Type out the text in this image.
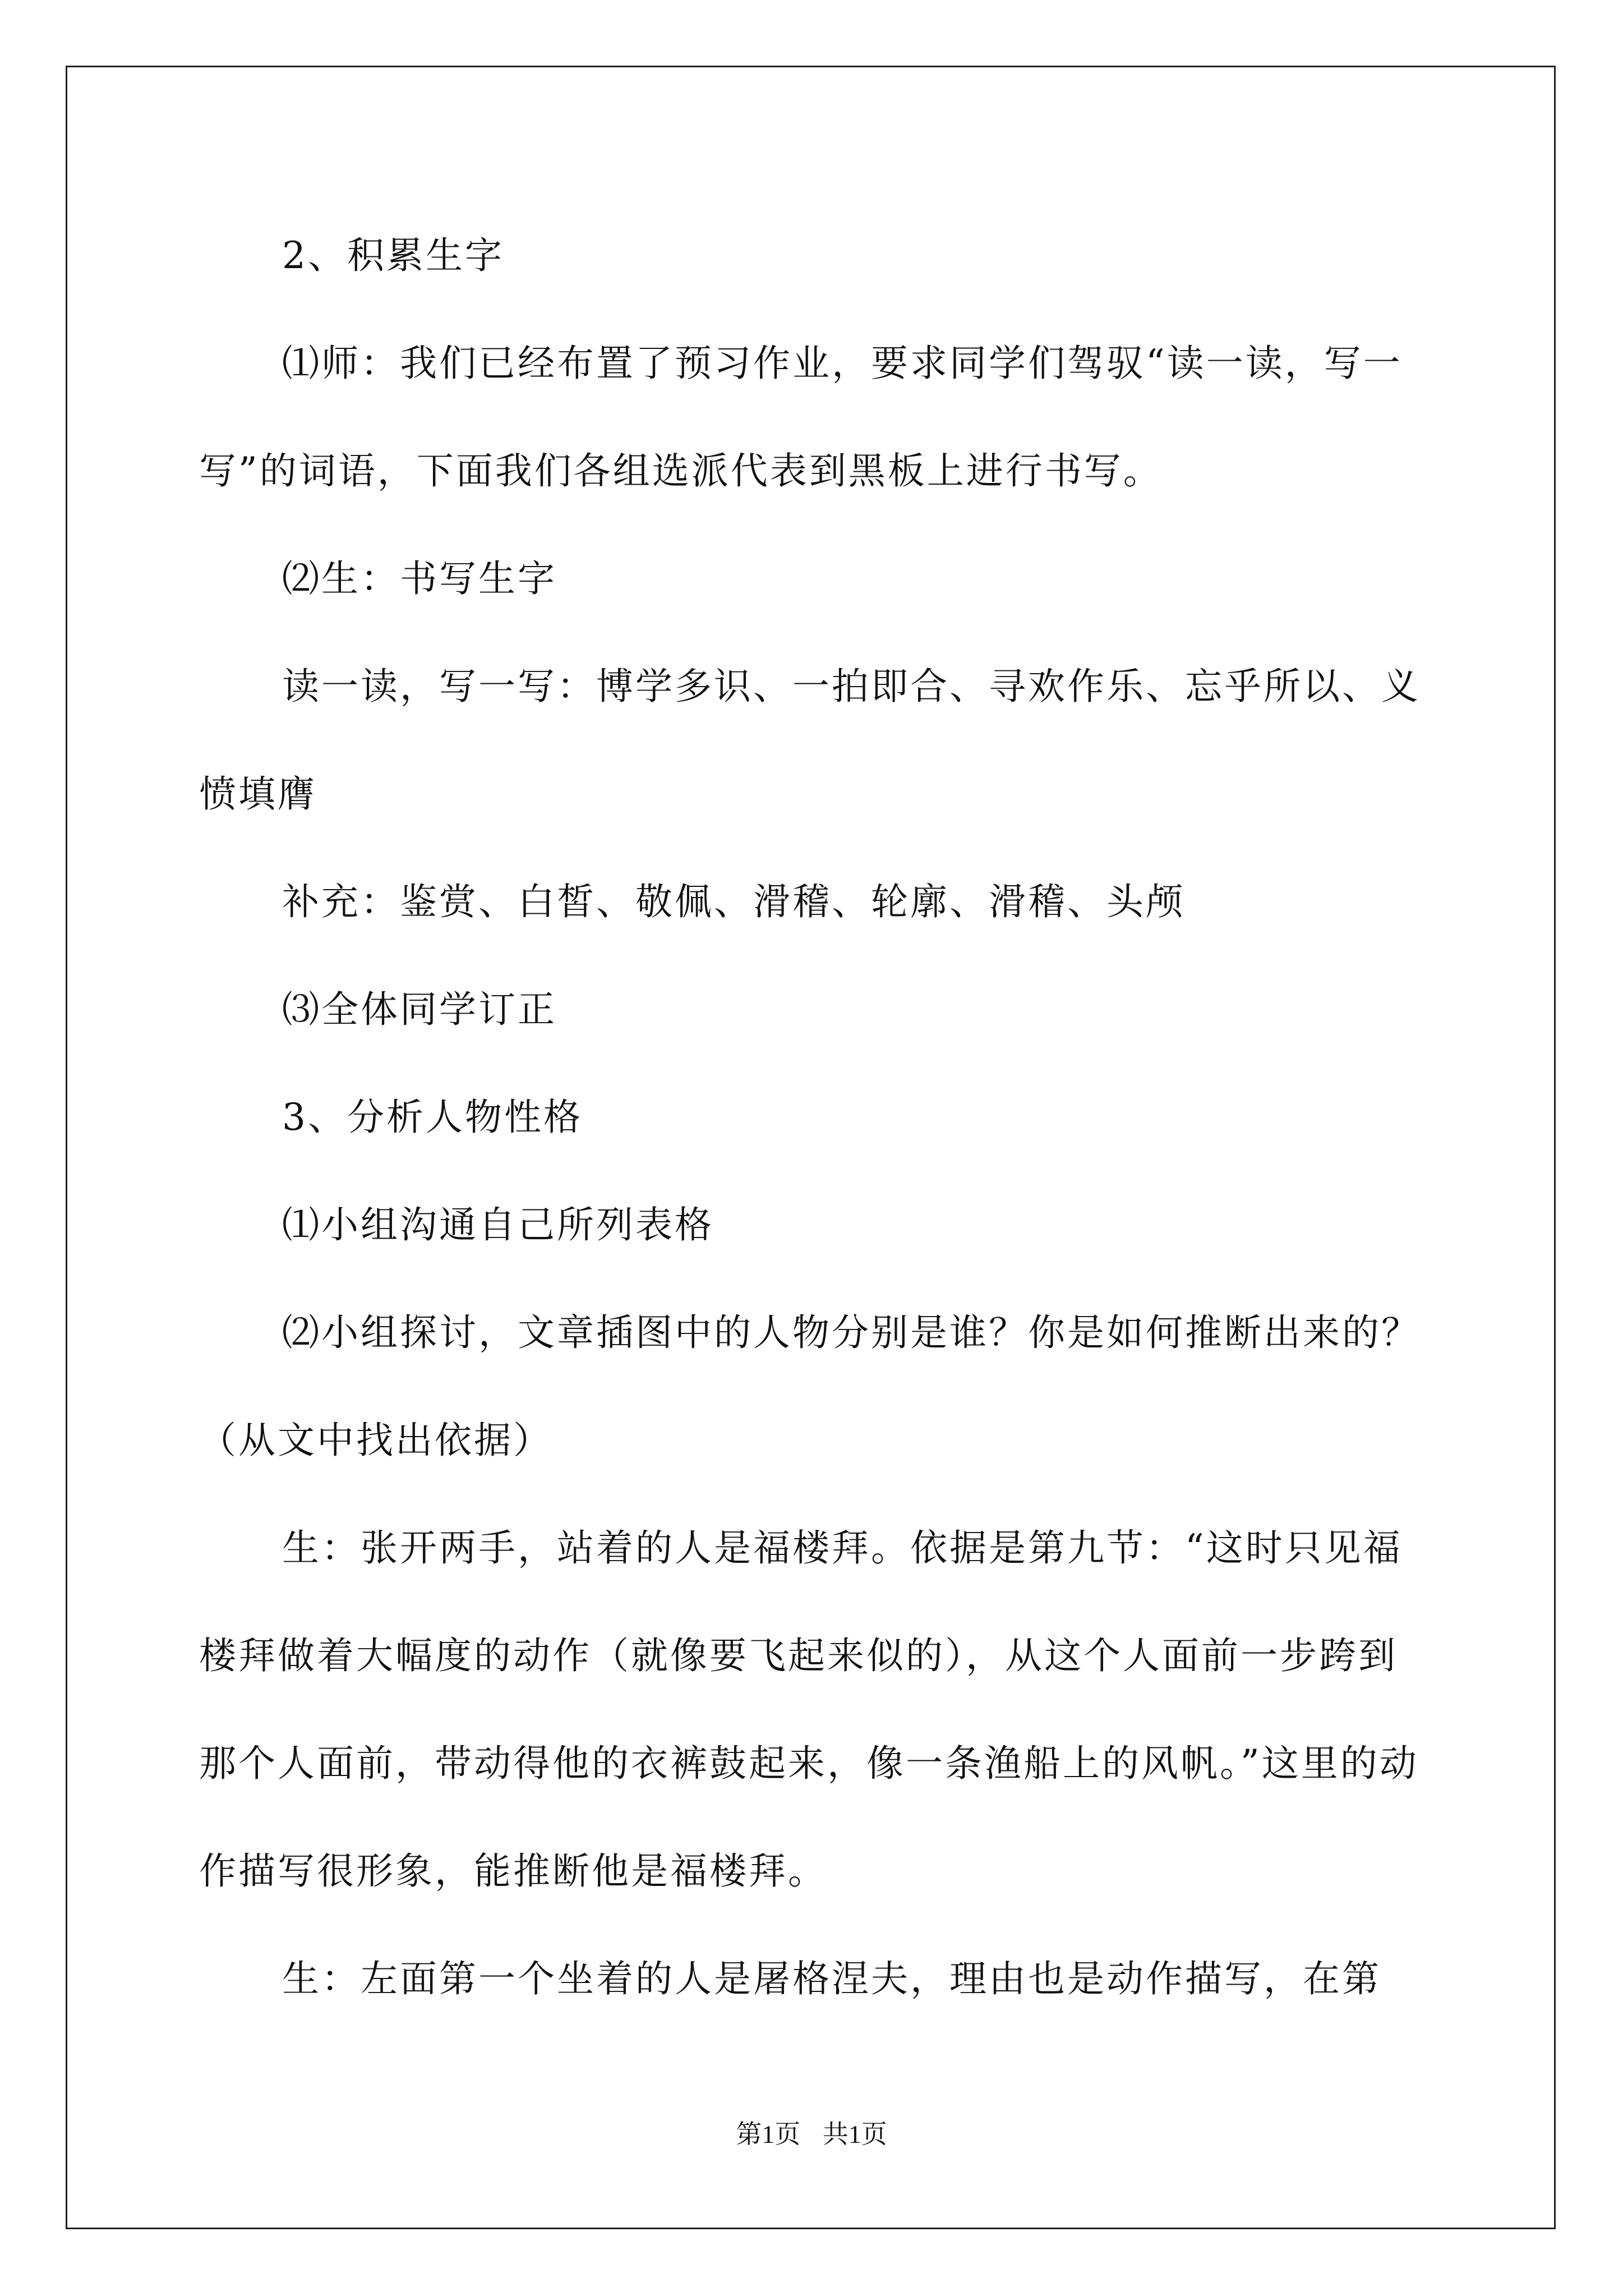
2、积累生字

⑴师：我们已经布置了预习作业，要求同学们驾驭“读一读，写一写”的词语，下面我们各组选派代表到黑板上进行书写。

⑵生：书写生字

读一读，写一写：博学多识、一拍即合、寻欢作乐、忘乎所以、义愤填膺

补充：鉴赏、白皙、敬佩、滑稽、轮廓、滑稽、头颅

⑶全体同学订正

3、分析人物性格

⑴小组沟通自己所列表格

⑵小组探讨，文章插图中的人物分别是谁？你是如何推断出来的？（从文中找出依据）

生：张开两手，站着的人是福楼拜。依据是第九节：“这时只见福楼拜做着大幅度的动作（就像要飞起来似的），从这个人面前一步跨到那个人面前，带动得他的衣裤鼓起来，像一条渔船上的风帆。”这里的动作描写很形象，能推断他是福楼拜。

生：左面第一个坐着的人是屠格涅夫，理由也是动作描写，在第

第1页 共1页
